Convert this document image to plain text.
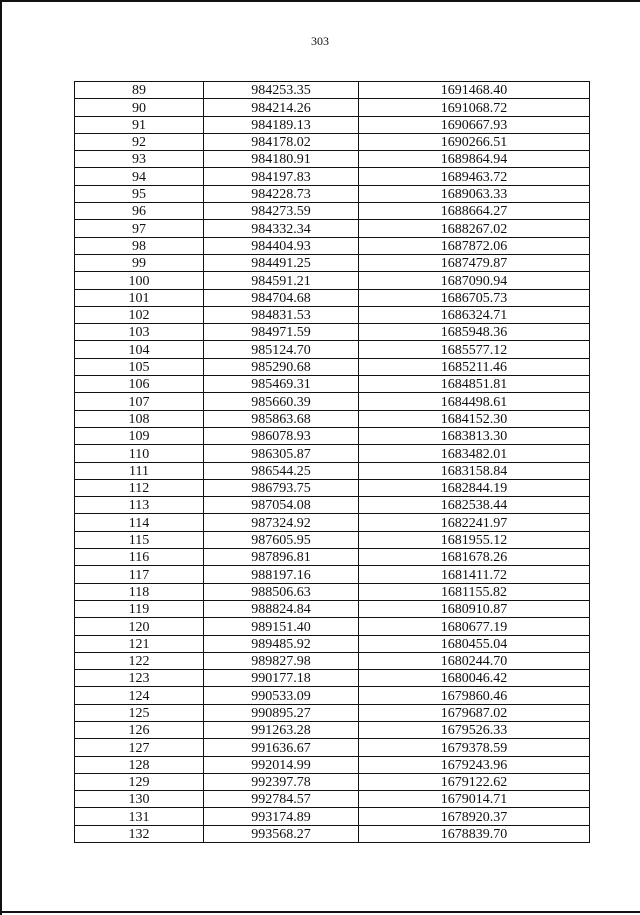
303
89	984253.35	1691468.40
90	984214.26	1691068.72
91	984189.13	1690667.93
92	984178.02	1690266.51
93	984180.91	1689864.94
94	984197.83	1689463.72
95	984228.73	1689063.33
96	984273.59	1688664.27
97	984332.34	1688267.02
98	984404.93	1687872.06
99	984491.25	1687479.87
100	984591.21	1687090.94
101	984704.68	1686705.73
102	984831.53	1686324.71
103	984971.59	1685948.36
104	985124.70	1685577.12
105	985290.68	1685211.46
106	985469.31	1684851.81
107	985660.39	1684498.61
108	985863.68	1684152.30
109	986078.93	1683813.30
110	986305.87	1683482.01
111	986544.25	1683158.84
112	986793.75	1682844.19
113	987054.08	1682538.44
114	987324.92	1682241.97
115	987605.95	1681955.12
116	987896.81	1681678.26
117	988197.16	1681411.72
118	988506.63	1681155.82
119	988824.84	1680910.87
120	989151.40	1680677.19
121	989485.92	1680455.04
122	989827.98	1680244.70
123	990177.18	1680046.42
124	990533.09	1679860.46
125	990895.27	1679687.02
126	991263.28	1679526.33
127	991636.67	1679378.59
128	992014.99	1679243.96
129	992397.78	1679122.62
130	992784.57	1679014.71
131	993174.89	1678920.37
132	993568.27	1678839.70
